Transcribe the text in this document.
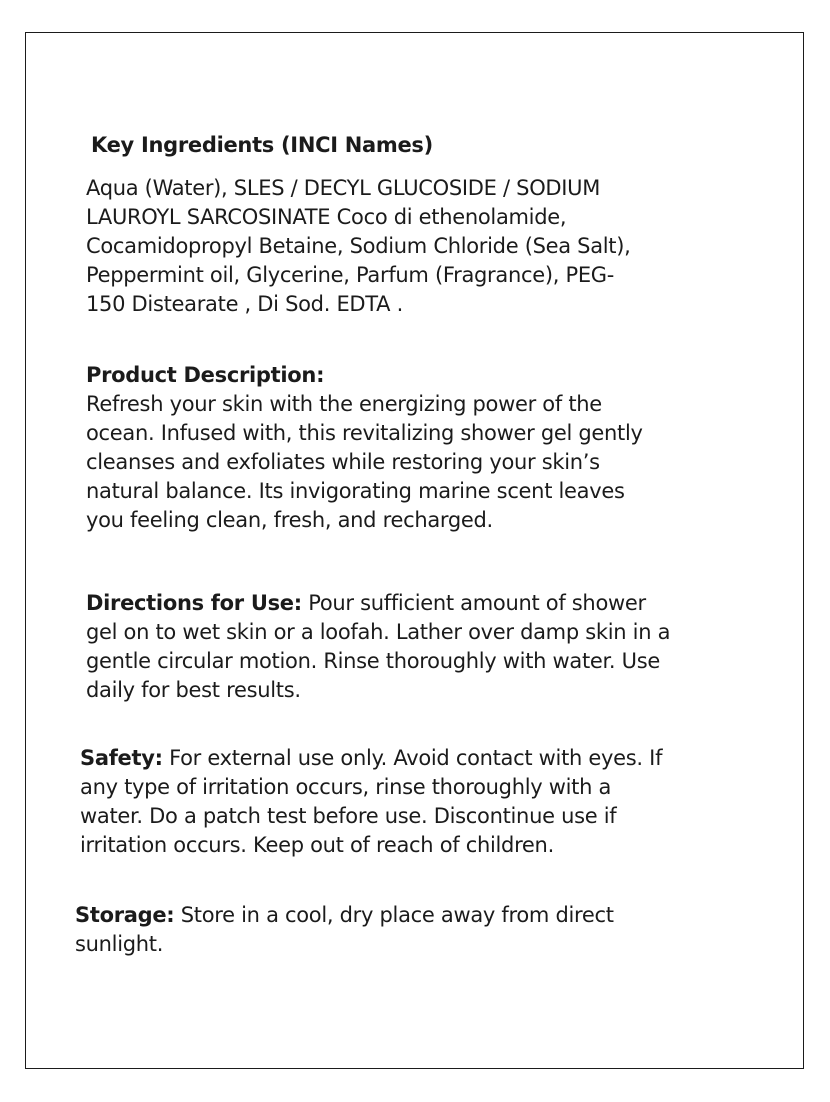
Key Ingredients (INCI Names)
Aqua (Water), SLES / DECYL GLUCOSIDE / SODIUM
LAUROYL SARCOSINATE Coco di ethenolamide,
Cocamidopropyl Betaine, Sodium Chloride (Sea Salt),
Peppermint oil, Glycerine, Parfum (Fragrance), PEG-
150 Distearate , Di Sod. EDTA .
Product Description:
Refresh your skin with the energizing power of the
ocean. Infused with, this revitalizing shower gel gently
cleanses and exfoliates while restoring your skin’s
natural balance. Its invigorating marine scent leaves
you feeling clean, fresh, and recharged.
Directions for Use: Pour sufficient amount of shower
gel on to wet skin or a loofah. Lather over damp skin in a
gentle circular motion. Rinse thoroughly with water. Use
daily for best results.
Safety: For external use only. Avoid contact with eyes. If
any type of irritation occurs, rinse thoroughly with a
water. Do a patch test before use. Discontinue use if
irritation occurs. Keep out of reach of children.
Storage: Store in a cool, dry place away from direct
sunlight.
